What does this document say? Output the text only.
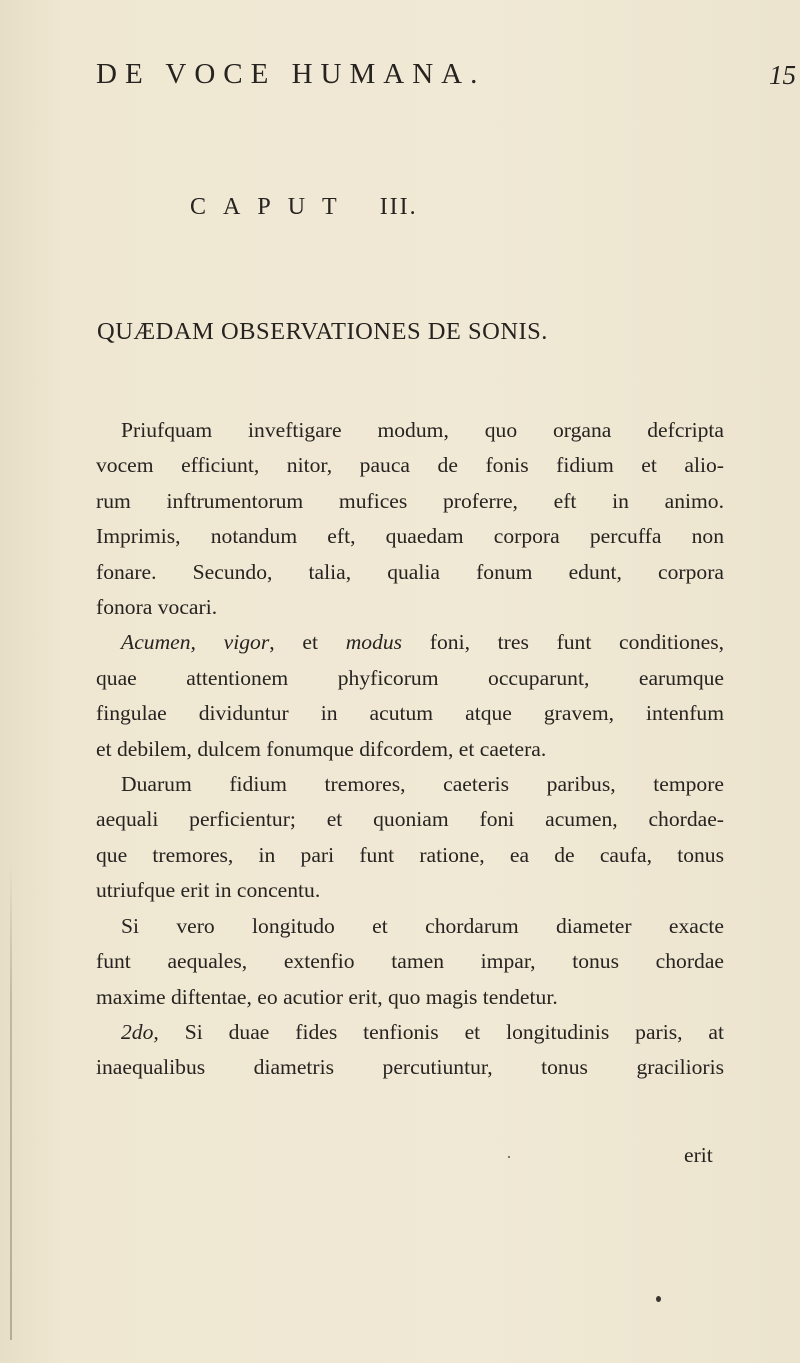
DE VOCE HUMANA.	15
CAPUT III.
QUÆDAM OBSERVATIONES DE SONIS.
Priufquam inveftigare modum, quo organa defcripta
vocem efficiunt, nitor, pauca de fonis fidium et alio-
rum inftrumentorum mufices proferre, eft in animo.
Imprimis, notandum eft, quaedam corpora percuffa non
fonare. Secundo, talia, qualia fonum edunt, corpora
fonora vocari.
Acumen, vigor, et modus foni, tres funt conditiones,
quae attentionem phyficorum occuparunt, earumque
fingulae dividuntur in acutum atque gravem, intenfum
et debilem, dulcem fonumque difcordem, et caetera.
Duarum fidium tremores, caeteris paribus, tempore
aequali perficientur; et quoniam foni acumen, chordae-
que tremores, in pari funt ratione, ea de caufa, tonus
utriufque erit in concentu.
Si vero longitudo et chordarum diameter exacte
funt aequales, extenfio tamen impar, tonus chordae
maxime diftentae, eo acutior erit, quo magis tendetur.
2do, Si duae fides tenfionis et longitudinis paris, at
inaequalibus diametris percutiuntur, tonus gracilioris
erit
